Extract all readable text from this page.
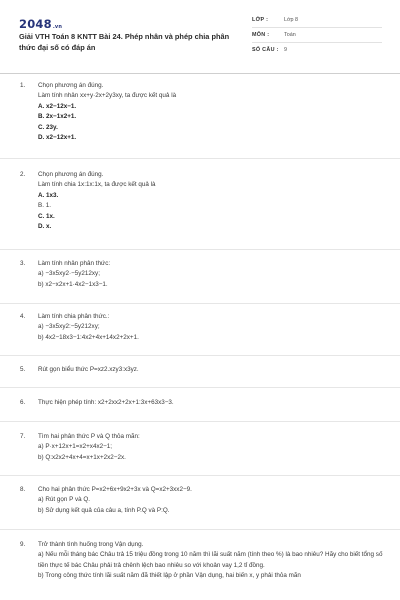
2048.vn
Giải VTH Toán 8 KNTT Bài 24. Phép nhân và phép chia phân thức đại số có đáp án
LỚP :	Lớp 8
MÔN :	Toán
SỐ CÂU : 9
1.	Chọn phương án đúng.
Làm tính nhân xx+y·2x+2y3xy, ta được kết quả là
A. x2−12x−1.
B. 2x−1x2+1.
C. 23y.
D. x2−12x+1.
2.	Chọn phương án đúng.
Làm tính chia 1x:1x:1x, ta được kết quả là
A. 1x3.
B. 1.
C. 1x.
D. x.
3.	Làm tính nhân phân thức:
a) −3x5xy2·−5y212xy;
b) x2−x2x+1·4x2−1x3−1.
4.	Làm tính chia phân thức.:
a) −3x5xy2:−5y212xy;
b) 4x2−18x3−1:4x2+4x+14x2+2x+1.
5.	Rút gọn biểu thức P=xz2.xzy3:x3yz.
6.	Thực hiện phép tính: x2+2xx2+2x+1:3x+63x3−3.
7.	Tìm hai phân thức P và Q thỏa mãn:
a) P·x+12x+1=x2+x4x2−1;
b) Q:x2x2+4x+4=x+1x+2x2−2x.
8.	Cho hai phân thức P=x2+6x+9x2+3x và Q=x2+3xx2−9.
a) Rút gọn P và Q.
b) Sử dụng kết quả của câu a, tính P.Q và P:Q.
9.	Trở thành tình huống trong Vận dụng.
a) Nếu mỗi tháng bác Châu trả 15 triệu đồng trong 10 năm thì lãi suất năm (tính theo %) là bao nhiêu? Hãy cho biết tổng số tiền thực tế bác Châu phải trả chênh lệch bao nhiêu so với khoản vay 1,2 tỉ đồng.
b) Trong công thức tính lãi suất năm đã thiết lập ở phần Vận dụng, hai biến x, y phải thỏa mãn
